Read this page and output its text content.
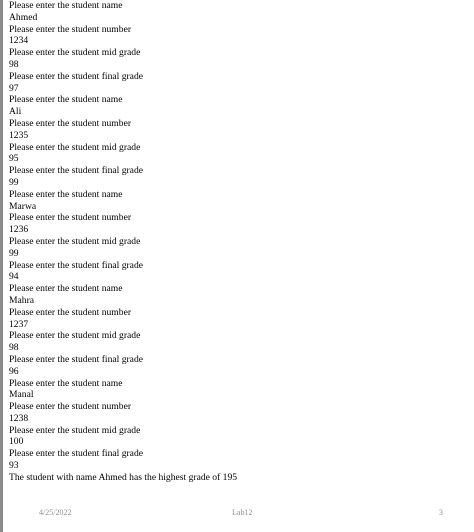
Please enter the student name
Ahmed
Please enter the student number
1234
Please enter the student mid grade
98
Please enter the student final grade
97
Please enter the student name
Ali
Please enter the student number
1235
Please enter the student mid grade
95
Please enter the student final grade
99
Please enter the student name
Marwa
Please enter the student number
1236
Please enter the student mid grade
99
Please enter the student final grade
94
Please enter the student name
Mahra
Please enter the student number
1237
Please enter the student mid grade
98
Please enter the student final grade
96
Please enter the student name
Manal
Please enter the student number
1238
Please enter the student mid grade
100
Please enter the student final grade
93
The student with name Ahmed has the highest grade of 195
4/25/2022	Lab12	3
